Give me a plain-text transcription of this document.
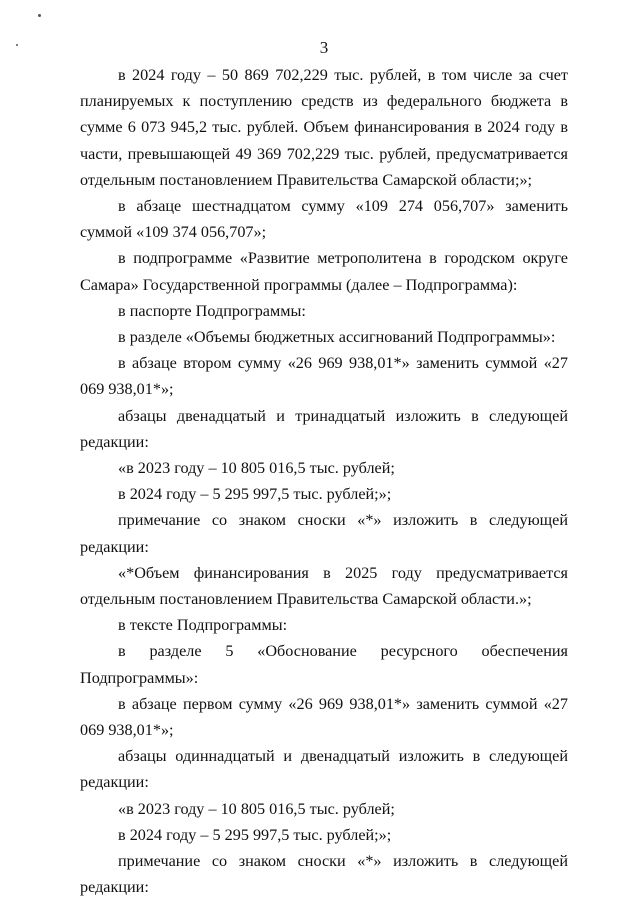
3

в 2024 году – 50 869 702,229 тыс. рублей, в том числе за счет планируемых к поступлению средств из федерального бюджета в сумме 6 073 945,2 тыс. рублей. Объем финансирования в 2024 году в части, превышающей 49 369 702,229 тыс. рублей, предусматривается отдельным постановлением Правительства Самарской области;»;

в абзаце шестнадцатом сумму «109 274 056,707» заменить суммой «109 374 056,707»;

в подпрограмме «Развитие метрополитена в городском округе Самара» Государственной программы (далее – Подпрограмма):

в паспорте Подпрограммы:

в разделе «Объемы бюджетных ассигнований Подпрограммы»:

в абзаце втором сумму «26 969 938,01*» заменить суммой «27 069 938,01*»;

абзацы двенадцатый и тринадцатый изложить в следующей редакции:

«в 2023 году – 10 805 016,5 тыс. рублей;

в 2024 году – 5 295 997,5 тыс. рублей;»;

примечание со знаком сноски «*» изложить в следующей редакции:

«*Объем финансирования в 2025 году предусматривается отдельным постановлением Правительства Самарской области.»;

в тексте Подпрограммы:

в разделе 5 «Обоснование ресурсного обеспечения Подпрограммы»:

в абзаце первом сумму «26 969 938,01*» заменить суммой «27 069 938,01*»;

абзацы одиннадцатый и двенадцатый изложить в следующей редакции:

«в 2023 году – 10 805 016,5 тыс. рублей;

в 2024 году – 5 295 997,5 тыс. рублей;»;

примечание со знаком сноски «*» изложить в следующей редакции:
